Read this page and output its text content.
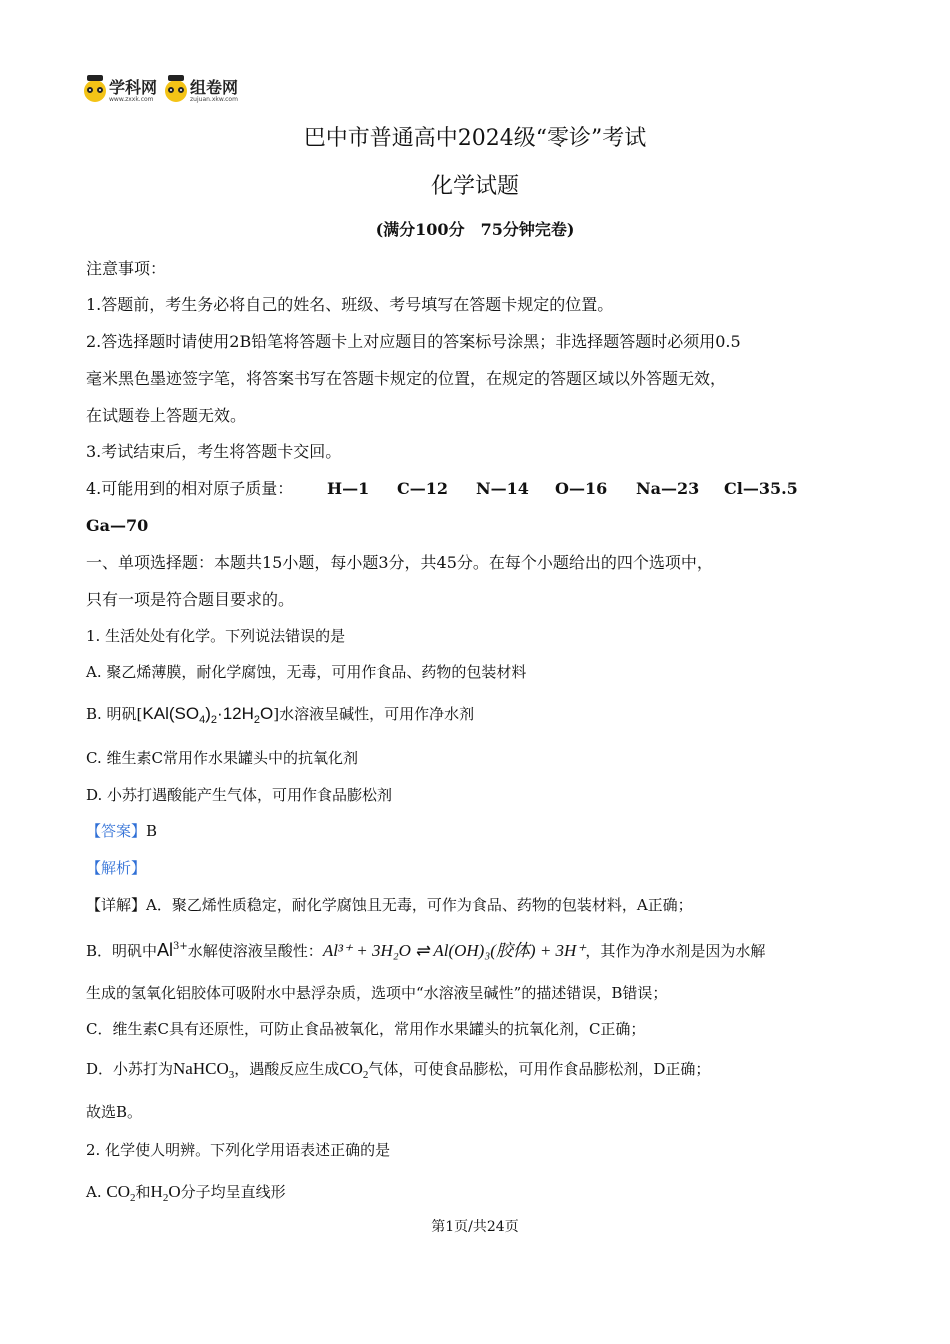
学科网
www.zxxk.com
组卷网
zujuan.xkw.com
巴中市普通高中2024级“零诊”考试
化学试题
(满分100分　75分钟完卷)
注意事项：
1.答题前，考生务必将自己的姓名、班级、考号填写在答题卡规定的位置。
2.答选择题时请使用2B铅笔将答题卡上对应题目的答案标号涂黑；非选择题答题时必须用0.5
毫米黑色墨迹签字笔，将答案书写在答题卡规定的位置，在规定的答题区域以外答题无效，
在试题卷上答题无效。
3.考试结束后，考生将答题卡交回。
4.可能用到的相对原子质量： H—1 C—12 N—14 O—16 Na—23 Cl—35.5
Ga—70
一、单项选择题：本题共15小题，每小题3分，共45分。在每个小题给出的四个选项中，
只有一项是符合题目要求的。
1. 生活处处有化学。下列说法错误的是
A. 聚乙烯薄膜，耐化学腐蚀，无毒，可用作食品、药物的包装材料
B. 明矾$[KAl(SO_4)_2\cdot 12H_2O]$水溶液呈碱性，可用作净水剂
C. 维生素C常用作水果罐头中的抗氧化剂
D. 小苏打遇酸能产生气体，可用作食品膨松剂
【答案】B
【解析】
【详解】A．聚乙烯性质稳定，耐化学腐蚀且无毒，可作为食品、药物的包装材料，A正确；
B．明矾中$Al^{3+}$水解使溶液呈酸性：Al³⁺ + 3H₂O ⇌ Al(OH)₃(胶体) + 3H⁺，其作为净水剂是因为水解
生成的氢氧化铝胶体可吸附水中悬浮杂质，选项中“水溶液呈碱性”的描述错误，B错误；
C．维生素C具有还原性，可防止食品被氧化，常用作水果罐头的抗氧化剂，C正确；
D．小苏打为NaHCO$_3$，遇酸反应生成$CO_2$气体，可使食品膨松，可用作食品膨松剂，D正确；
故选B。
2. 化学使人明辨。下列化学用语表述正确的是
A. $CO_2$和$H_2O$分子均呈直线形
第1页/共24页
